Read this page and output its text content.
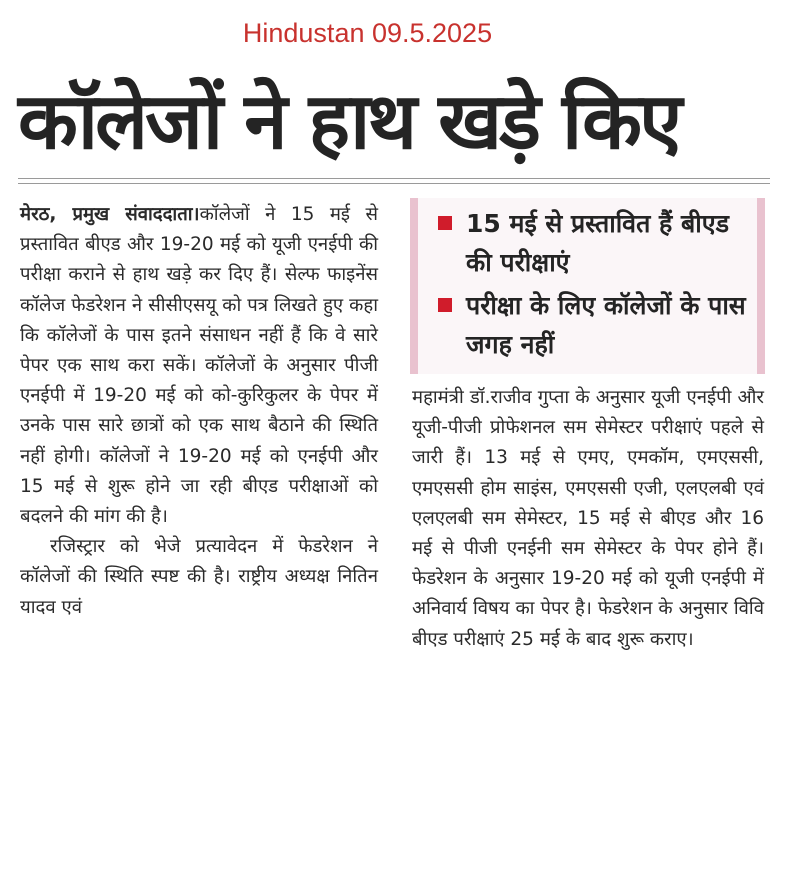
Hindustan 09.5.2025
कॉलेजों ने हाथ खड़े किए

मेरठ, प्रमुख संवाददाता।कॉलेजों ने 15 मई से प्रस्तावित बीएड और 19-20 मई को यूजी एनईपी की परीक्षा कराने से हाथ खड़े कर दिए हैं। सेल्फ फाइनेंस कॉलेज फेडरेशन ने सीसीएसयू को पत्र लिखते हुए कहा कि कॉलेजों के पास इतने संसाधन नहीं हैं कि वे सारे पेपर एक साथ करा सकें। कॉलेजों के अनुसार पीजी एनईपी में 19-20 मई को को-कुरिकुलर के पेपर में उनके पास सारे छात्रों को एक साथ बैठाने की स्थिति नहीं होगी। कॉलेजों ने 19-20 मई को एनईपी और 15 मई से शुरू होने जा रही बीएड परीक्षाओं को बदलने की मांग की है।

रजिस्ट्रार को भेजे प्रत्यावेदन में फेडरेशन ने कॉलेजों की स्थिति स्पष्ट की है। राष्ट्रीय अध्यक्ष नितिन यादव एवं

15 मई से प्रस्तावित हैं बीएड की परीक्षाएं
परीक्षा के लिए कॉलेजों के पास जगह नहीं

महामंत्री डॉ.राजीव गुप्ता के अनुसार यूजी एनईपी और यूजी-पीजी प्रोफेशनल सम सेमेस्टर परीक्षाएं पहले से जारी हैं। 13 मई से एमए, एमकॉम, एमएससी, एमएससी होम साइंस, एमएससी एजी, एलएलबी एवं एलएलबी सम सेमेस्टर, 15 मई से बीएड और 16 मई से पीजी एनईनी सम सेमेस्टर के पेपर होने हैं। फेडरेशन के अनुसार 19-20 मई को यूजी एनईपी में अनिवार्य विषय का पेपर है। फेडरेशन के अनुसार विवि बीएड परीक्षाएं 25 मई के बाद शुरू कराए।
